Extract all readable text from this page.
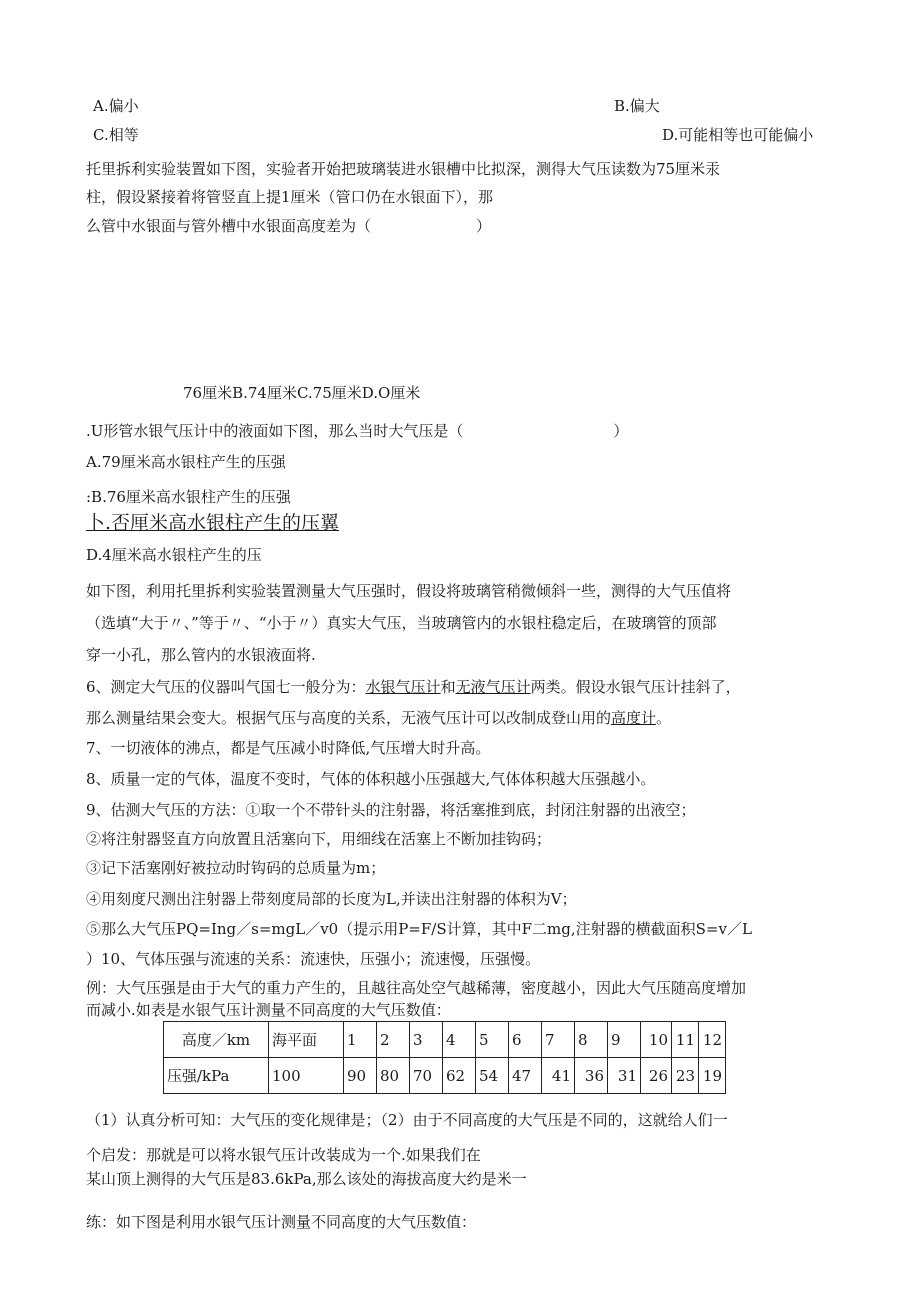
A.偏小	B.偏大
C.相等	D.可能相等也可能偏小
托里拆利实验装置如下图，实验者开始把玻璃装进水银槽中比拟深，测得大气压读数为75厘米汞
柱，假设紧接着将管竖直上提1厘米（管口仍在水银面下），那
么管中水银面与管外槽中水银面高度差为（　　　　　　　）
76厘米B.74厘米C.75厘米D.O厘米
.U形管水银气压计中的液面如下图，那么当时大气压是（　　　　　　　　　　）
A.79厘米高水银柱产生的压强
:B.76厘米高水银柱产生的压强
卜.否厘米高水银柱产生的压翼
D.4厘米高水银柱产生的压
如下图，利用托里拆利实验装置测量大气压强时，假设将玻璃管稍微倾斜一些，测得的大气压值将
（选填“大于〃、”等于〃、“小于〃）真实大气压，当玻璃管内的水银柱稳定后，在玻璃管的顶部
穿一小孔，那么管内的水银液面将.
6、测定大气压的仪器叫气国七一般分为：水银气压计和无液气压计两类。假设水银气压计挂斜了，
那么测量结果会变大。根据气压与高度的关系，无液气压计可以改制成登山用的高度计。
7、一切液体的沸点，都是气压减小时降低,气压增大时升高。
8、质量一定的气体，温度不变时，气体的体积越小压强越大,气体体积越大压强越小。
9、估测大气压的方法：①取一个不带针头的注射器，将活塞推到底，封闭注射器的出液空；
②将注射器竖直方向放置且活塞向下，用细线在活塞上不断加挂钩码；
③记下活塞刚好被拉动时钩码的总质量为m；
④用刻度尺测出注射器上带刻度局部的长度为L,并读出注射器的体积为V；
⑤那么大气压PQ=Ing／s=mgL／v0（提示用P=F/S计算，其中F二mg,注射器的横截面积S=v／L
）10、气体压强与流速的关系：流速快，压强小；流速慢，压强慢。
例：大气压强是由于大气的重力产生的，且越往高处空气越稀薄，密度越小，因此大气压随高度增加
而减小.如表是水银气压计测量不同高度的大气压数值：
高度／km	海平面	1	2	3	4	5	6	7	8	9	10	11	12
压强/kPa	100	90	80	70	62	54	47	41	36	31	26	23	19
（1）认真分析可知：大气压的变化规律是；（2）由于不同高度的大气压是不同的，这就给人们一
个启发：那就是可以将水银气压计改装成为一个.如果我们在
某山顶上测得的大气压是83.6kPa,那么该处的海拔高度大约是米一
练：如下图是利用水银气压计测量不同高度的大气压数值：
